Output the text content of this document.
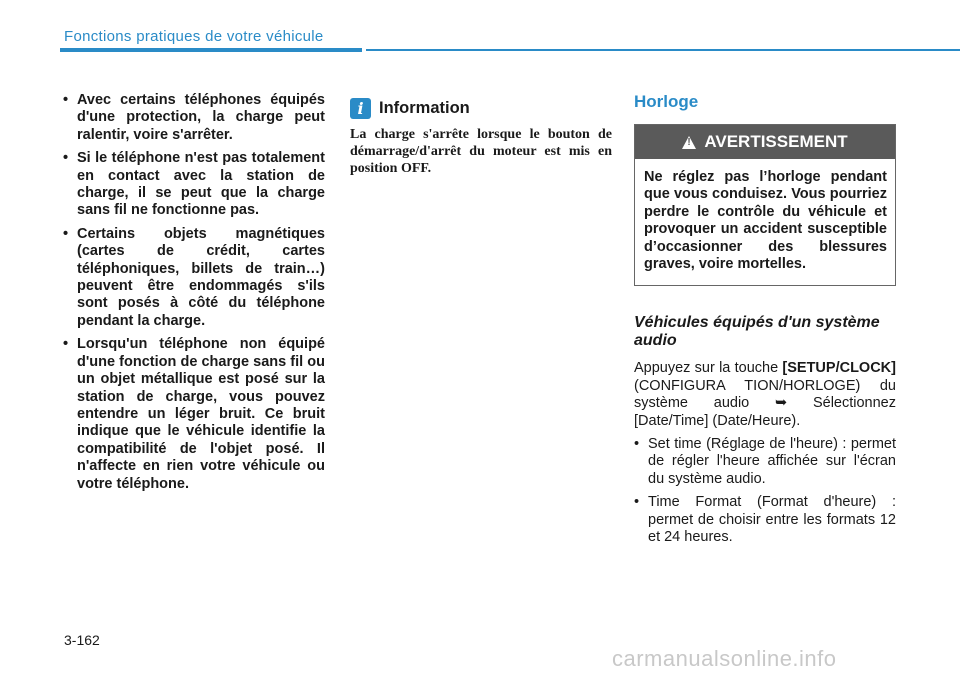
Fonctions pratiques de votre véhicule
• Avec certains téléphones équipés d'une protection, la charge peut ralentir, voire s'arrêter.
• Si le téléphone n'est pas totalement en contact avec la station de charge, il se peut que la charge sans fil ne fonctionne pas.
• Certains objets magnétiques (cartes de crédit, cartes téléphoniques, billets de train…) peuvent être endommagés s'ils sont posés à côté du téléphone pendant la charge.
• Lorsqu'un téléphone non équipé d'une fonction de charge sans fil ou un objet métallique est posé sur la station de charge, vous pouvez entendre un léger bruit. Ce bruit indique que le véhicule identifie la compatibilité de l'objet posé. Il n'affecte en rien votre véhicule ou votre téléphone.
i Information
La charge s'arrête lorsque le bouton de démarrage/d'arrêt du moteur est mis en position OFF.
Horloge
!
AVERTISSEMENT
Ne réglez pas l’horloge pendant que vous conduisez. Vous pourriez perdre le contrôle du véhicule et provoquer un accident susceptible d’occasionner des blessures graves, voire mortelles.
Véhicules équipés d'un système audio

Appuyez sur la touche [SETUP/CLOCK] (CONFIGURA TION/HORLOGE) du système audio ➥ Sélectionnez [Date/Time] (Date/Heure).

• Set time (Réglage de l'heure) : permet de régler l'heure affichée sur l'écran du système audio.
• Time Format (Format d'heure) : permet de choisir entre les formats 12 et 24 heures.
3-162
carmanualsonline.info
